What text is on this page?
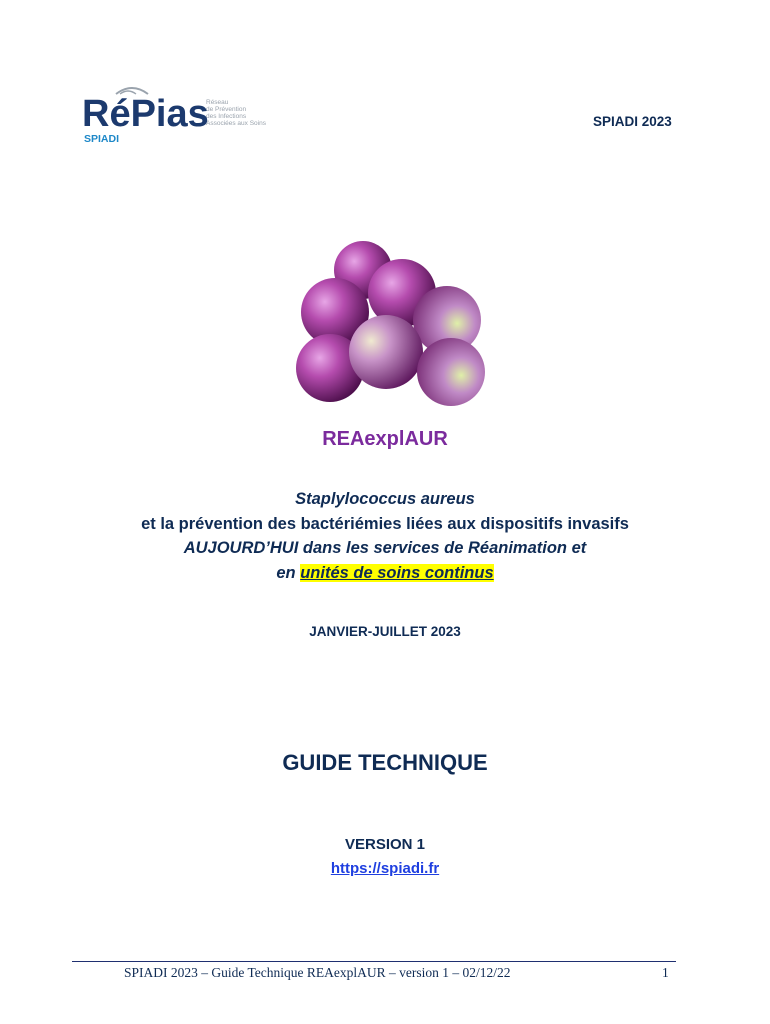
RéPias
SPIADI
Réseau
de Prévention
des Infections
Associées aux Soins	SPIADI 2023
REAexplAUR
Staplylococcus aureus
et la prévention des bactériémies liées aux dispositifs invasifs
AUJOURD’HUI dans les services de Réanimation et
en unités de soins continus
JANVIER-JUILLET 2023
GUIDE TECHNIQUE
VERSION 1
https://spiadi.fr
SPIADI 2023 – Guide Technique REAexplAUR – version 1 – 02/12/22	1
